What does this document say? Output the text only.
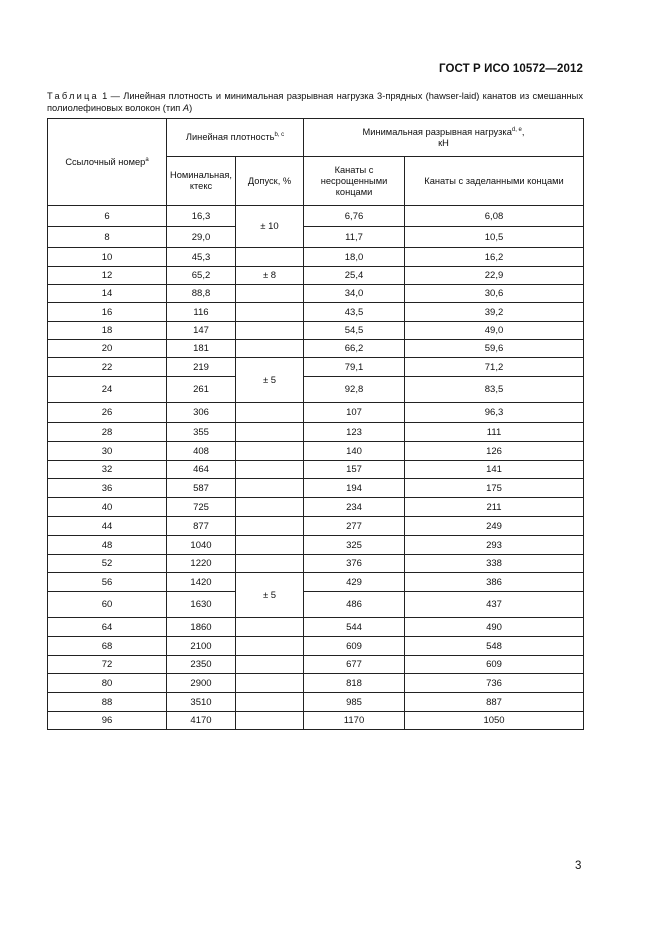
ГОСТ Р ИСО 10572—2012
Таблица 1 — Линейная плотность и минимальная разрывная нагрузка 3-прядных (hawser-laid) канатов из смешанных полиолефиновых волокон (тип A)
Ссылочный номер$^a$	Линейная плотность$^{b, c}$		Минимальная разрывная нагрузка$^{d, e}$,
кН	
	Номинальная, ктекс	Допуск, %	Канаты с несрощенными концами	Канаты с заделанными концами
6	16,3	± 10	6,76	6,08
8	29,0		11,7	10,5
10	45,3		18,0	16,2
12	65,2	± 8	25,4	22,9
14	88,8		34,0	30,6
16	116		43,5	39,2
18	147		54,5	49,0
20	181		66,2	59,6
22	219	± 5	79,1	71,2
24	261		92,8	83,5
26	306		107	96,3
28	355		123	111
30	408		140	126
32	464		157	141
36	587		194	175
40	725		234	211
44	877		277	249
48	1040		325	293
52	1220		376	338
56	1420	± 5	429	386
60	1630		486	437
64	1860		544	490
68	2100		609	548
72	2350		677	609
80	2900		818	736
88	3510		985	887
96	4170		1170	1050
3
